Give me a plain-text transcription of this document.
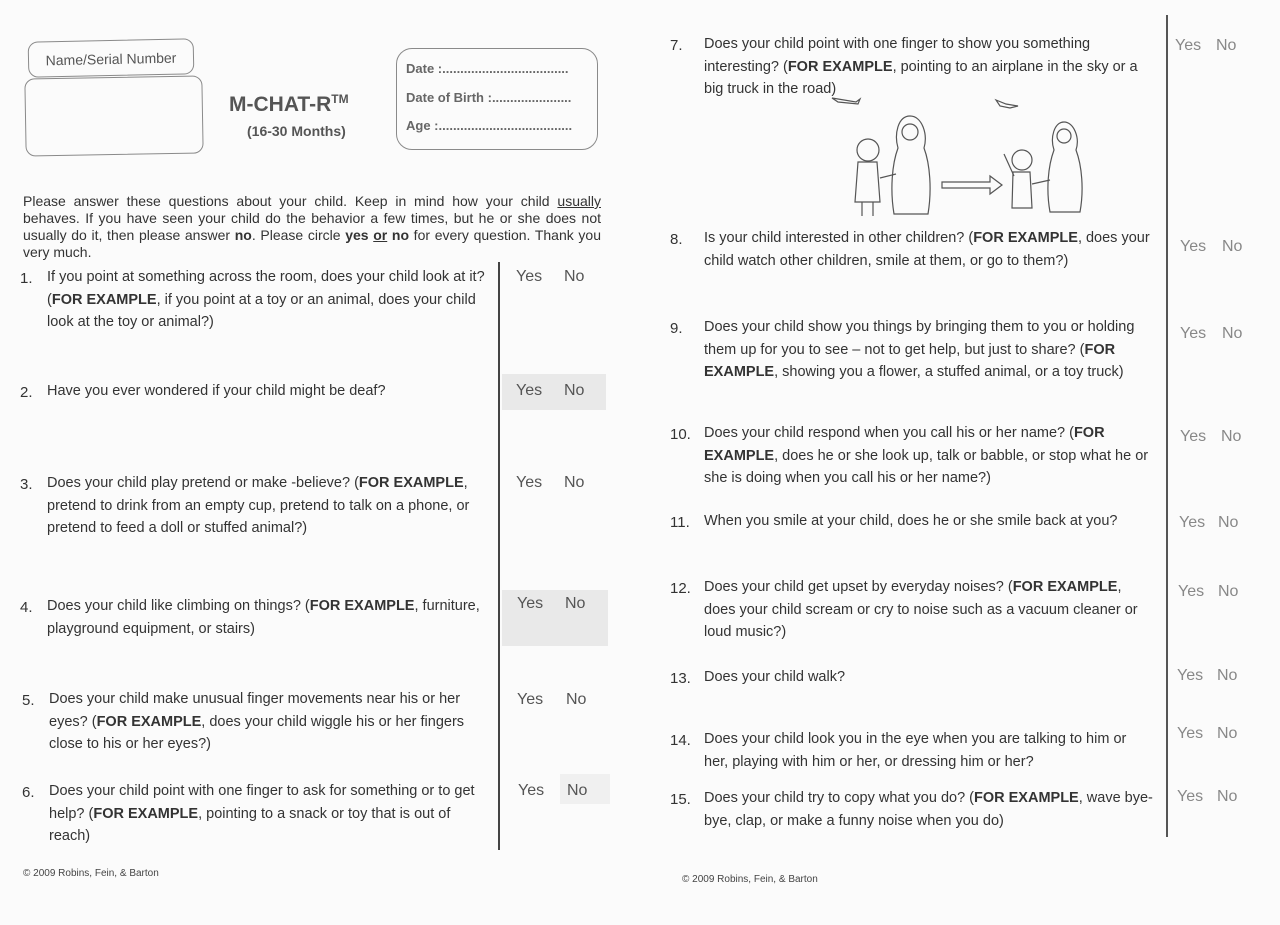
Name/Serial Number
M-CHAT-R™
(16-30 Months)
Date :...................................
Date of Birth :......................
Age :.....................................
Please answer these questions about your child. Keep in mind how your child usually behaves. If you have seen your child do the behavior a few times, but he or she does not usually do it, then please answer no. Please circle yes or no for every question. Thank you very much.
© 2009 Robins, Fein, & Barton
© 2009 Robins, Fein, & Barton
1. If you point at something across the room, does your child look at it? (FOR EXAMPLE, if you point at a toy or an animal, does your child look at the toy or animal?)
Yes No
2. Have you ever wondered if your child might be deaf?	Yes No
3. Does your child play pretend or make -believe? (FOR EXAMPLE, pretend to drink from an empty cup, pretend to talk on a phone, or pretend to feed a doll or stuffed animal?)
Yes No
4. Does your child like climbing on things? (FOR EXAMPLE, furniture, playground equipment, or stairs)
Yes No
5. Does your child make unusual finger movements near his or her eyes? (FOR EXAMPLE, does your child wiggle his or her fingers close to his or her eyes?)
Yes No
6. Does your child point with one finger to ask for something or to get help? (FOR EXAMPLE, pointing to a snack or toy that is out of reach)
Yes No
7. Does your child point with one finger to show you something interesting? (FOR EXAMPLE, pointing to an airplane in the sky or a big truck in the road)
Yes No
8. Is your child interested in other children? (FOR EXAMPLE, does your child watch other children, smile at them, or go to them?)
Yes No
9. Does your child show you things by bringing them to you or holding them up for you to see – not to get help, but just to share? (FOR EXAMPLE, showing you a flower, a stuffed animal, or a toy truck)
Yes No
10. Does your child respond when you call his or her name? (FOR EXAMPLE, does he or she look up, talk or babble, or stop what he or she is doing when you call his or her name?)
Yes No
11. When you smile at your child, does he or she smile back at you?	Yes No
12. Does your child get upset by everyday noises? (FOR EXAMPLE, does your child scream or cry to noise such as a vacuum cleaner or loud music?)
Yes No
13. Does your child walk?	Yes No
14. Does your child look you in the eye when you are talking to him or her, playing with him or her, or dressing him or her?
Yes No
15. Does your child try to copy what you do? (FOR EXAMPLE, wave bye-bye, clap, or make a funny noise when you do)
Yes No
